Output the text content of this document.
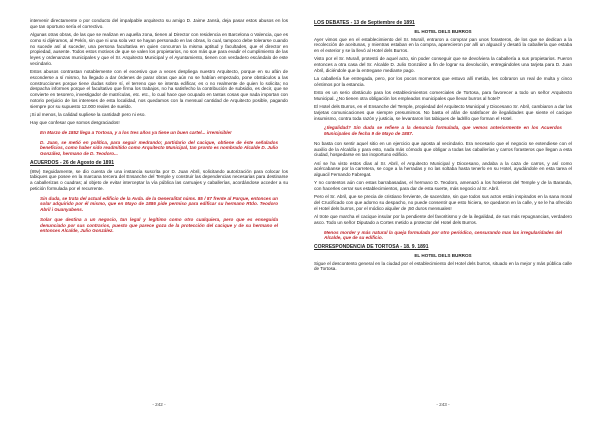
intervenir directamente o por conducto del impalpable arquitecto su amigo D. Jaime Jansà, deja pasar estos abusos en los que tan oportuno sería el correctivo.

Algunas otras obras, de las que se realizan en aquella zona, tienen al Director con residencia en Barcelona o Valencia, que es como si dijéramos, al Pekín, sin que ni una sola vez se hayan personado en las obras, lo cual, tampoco debe tolerarse cuando no sucede así al suceder, una persona facultativa en quien concurran la misma aptitud y facultades, que el director en propiedad, ausente. Todos estos motivos de que se valen los propietarios, no son más que para evadir el cumplimiento de las leyes y ordenanzas municipales y que el Sr. Arquitecto Municipal y el Ayuntamiento, tienen con verdadero escándalo de este vecindario.

Estos abusos contrastan notablemente con el excesivo que a veces despliega nuestro Arquitecto, porque en su afán de esconderse a sí mismo, ha llegado a dar órdenes de parar obras que aún no se habían empezado, pone obstáculos a las construcciones porque tiene dudas sobre sí, el terreno que se intenta edificar, es o no realmente de quien lo solicita; no despacha informes porque el facultativo que firma los trabajos, no ha satisfecho la contribución de subsidio, es decir, que se convierte en tesorero, investigador de matrículas, etc. etc., lo cual hace que ocupado en tantas cosas que nada importan con notorio perjuicio de los intereses de esta localidad, nos quedamos con la mensual cantidad de Arquitecto posible, pagando siempre por su supuesto 12.000 reales de sueldo.

¡Si al menos, la calidad supliese la cantidad! pero ni eso.

Hay que confesar que somos desgraciados!

En Marzo de 1852 llega a Tortosa, y a los tres años ya tiene un buen cartel... irremisible!

D. Juan, se metió en política, para seguir medrando; partidario del cacique, obtiene de éste señalados beneficios, como haber sido readmitido como Arquitecto Municipal, tan pronto es nombrado Alcalde D. Julio González, hermano de D. Teodoro...

ACUERDOS - 26 de Agosto de 1891

(89v) Seguidamente, se dio cuenta de una instancia suscrita por D. Juan Abril, solicitando autorización para colocar los tabiques que posee en la marcana tercera del Ensanche del Temple y construir las dependencias necesarias para destinarse a caballerizas o cuadras; al objeto de evitar interceptar la vía pública las carruajes y caballerías, acordándose acceder a su petición formulada por el recurrente.

Sin duda, se trata del actual edificio de la Avda. de la Generalitat núms. 85 / 87 frente al Parque, entonces un solar adquirido por él mismo, que en Mayo de 1886 pide permiso para edificar su hermano Rtdo. Teodoro Abril i Guanyabens.

Solar que destina a un negocio, tan legal y legítimo como otro cualquiera, pero que es enseguida denunciado por sus contrarios, puesto que parece goza de la protección del cacique y de su hermano el entonces Alcalde, Julio González.

- 242 -
LOS DEBATES - 13 de Septiembre de 1891
EL HOTEL DELS BURROS

Ayer vimos que en el establecimiento del Sr. Murall, entraron a comprar pan unos forasteros, de los que se dedican a la recolección de aceitunas, y mientras estaban en la compra, aparecieron por allí un alguacil y desató la caballería que estaba en el exterior y se la llevó al Hotel dels Burros.

Visto por el Sr. Murall, protestó de aquel acto, sin poder conseguir que se devolviera la caballería a sus propietarios. Fueron entonces a otra casa del Sr. Alcalde D. Julio González a fin de lograr su devolución, entregándoles una tarjeta para D. Juan Abril, diciéndole que la entregase mediante pago.

La caballería fue entregada, pero, por los pocos momentos que estuvo allí metida, les cobraron un real de multa y cinco céntimos por la estancia.

Esto es un serio obstáculo para los establecimientos comerciales de Tortosa, para favorecer a todo un señor Arquitecto Municipal. ¿No tienen otra obligación los empleados municipales que llevar burros al hotel?

El Hotel dels Burros, en el Ensanche del Temple, propiedad del Arquitecto Municipal y Diocesano Sr. Abril, cambiaron a dar las tarjetas comunicaciones que siempre presumimos. No basta el afán de satisfacer de ilegalidades que siente el cacique insumismo, contra toda razón y justicia, se levantaron los tabiques de ladrillo que forman el Hotel.

¿Ilegalidad? Sin duda se refiere a la denuncia formulada, que vemos anteriormente en los Acuerdos Municipales de fecha 9 de Mayo de 1887.

No basta con sentir aquel sitio en un ejercicio que aposta al vecindario. Era necesario que el negocio se extendiese con el auxilio de la Alcaldía y para esto, nada más cómodo que obligar a todas las caballerías y carros forasteros que llegan a esta ciudad, hospedarse en tan inoportuno edificio.

Así se ha visto estos días al Sr. Abril, el Arquitecto Municipal y Diocesano, andaba a la caza de carros, y así como acércabanse por la carretera, se coge a la herradas y no las soltaba hasta tenerlo en su Hotel, ayudándole en esta tarea el alguacil Fernando Fabregat.

Y no contentos aún con estas barrabasadas, el hermano D. Teodoro, amenazó a los hoteleros del Temple y de la Baranda, con hacerles cerrar sus establecimientos, para dar de esta suerte, más negocio al Sr. Abril.

Pero el Sr. Abril, que se precia de cristiano ferviente, de sacerdote, sin que todos sus actos están inspirados en la sana moral del Crucificado con que adorno su despacho, no puede consentir que esto hiciera, se quedaron en la calle, y se le ha ofrecido el Hotel dels burros, por el módico alquiler de ¡50 duros mensuales!

Al trote que marcha el cacique insular por la pendiente del favoritismo y de la ilegalidad, de sus más repugnancias, verdadero asco. Todo un señor Diputado a Cortes metido a protector del Hotel dels Burros.

Menos morder y más natural la queja formulada por otro periódico, censurando mas las irregularidades del Alcalde, que de su edificio.

CORRESPONDENCIA DE TORTOSA - 18. 9. 1891
EL HOTEL DELS BURROS

Sigue el descontento general en la ciudad por el establecimiento del Hotel dels burros, situado en la mejor y más pública calle de Tortosa.

- 243 -
